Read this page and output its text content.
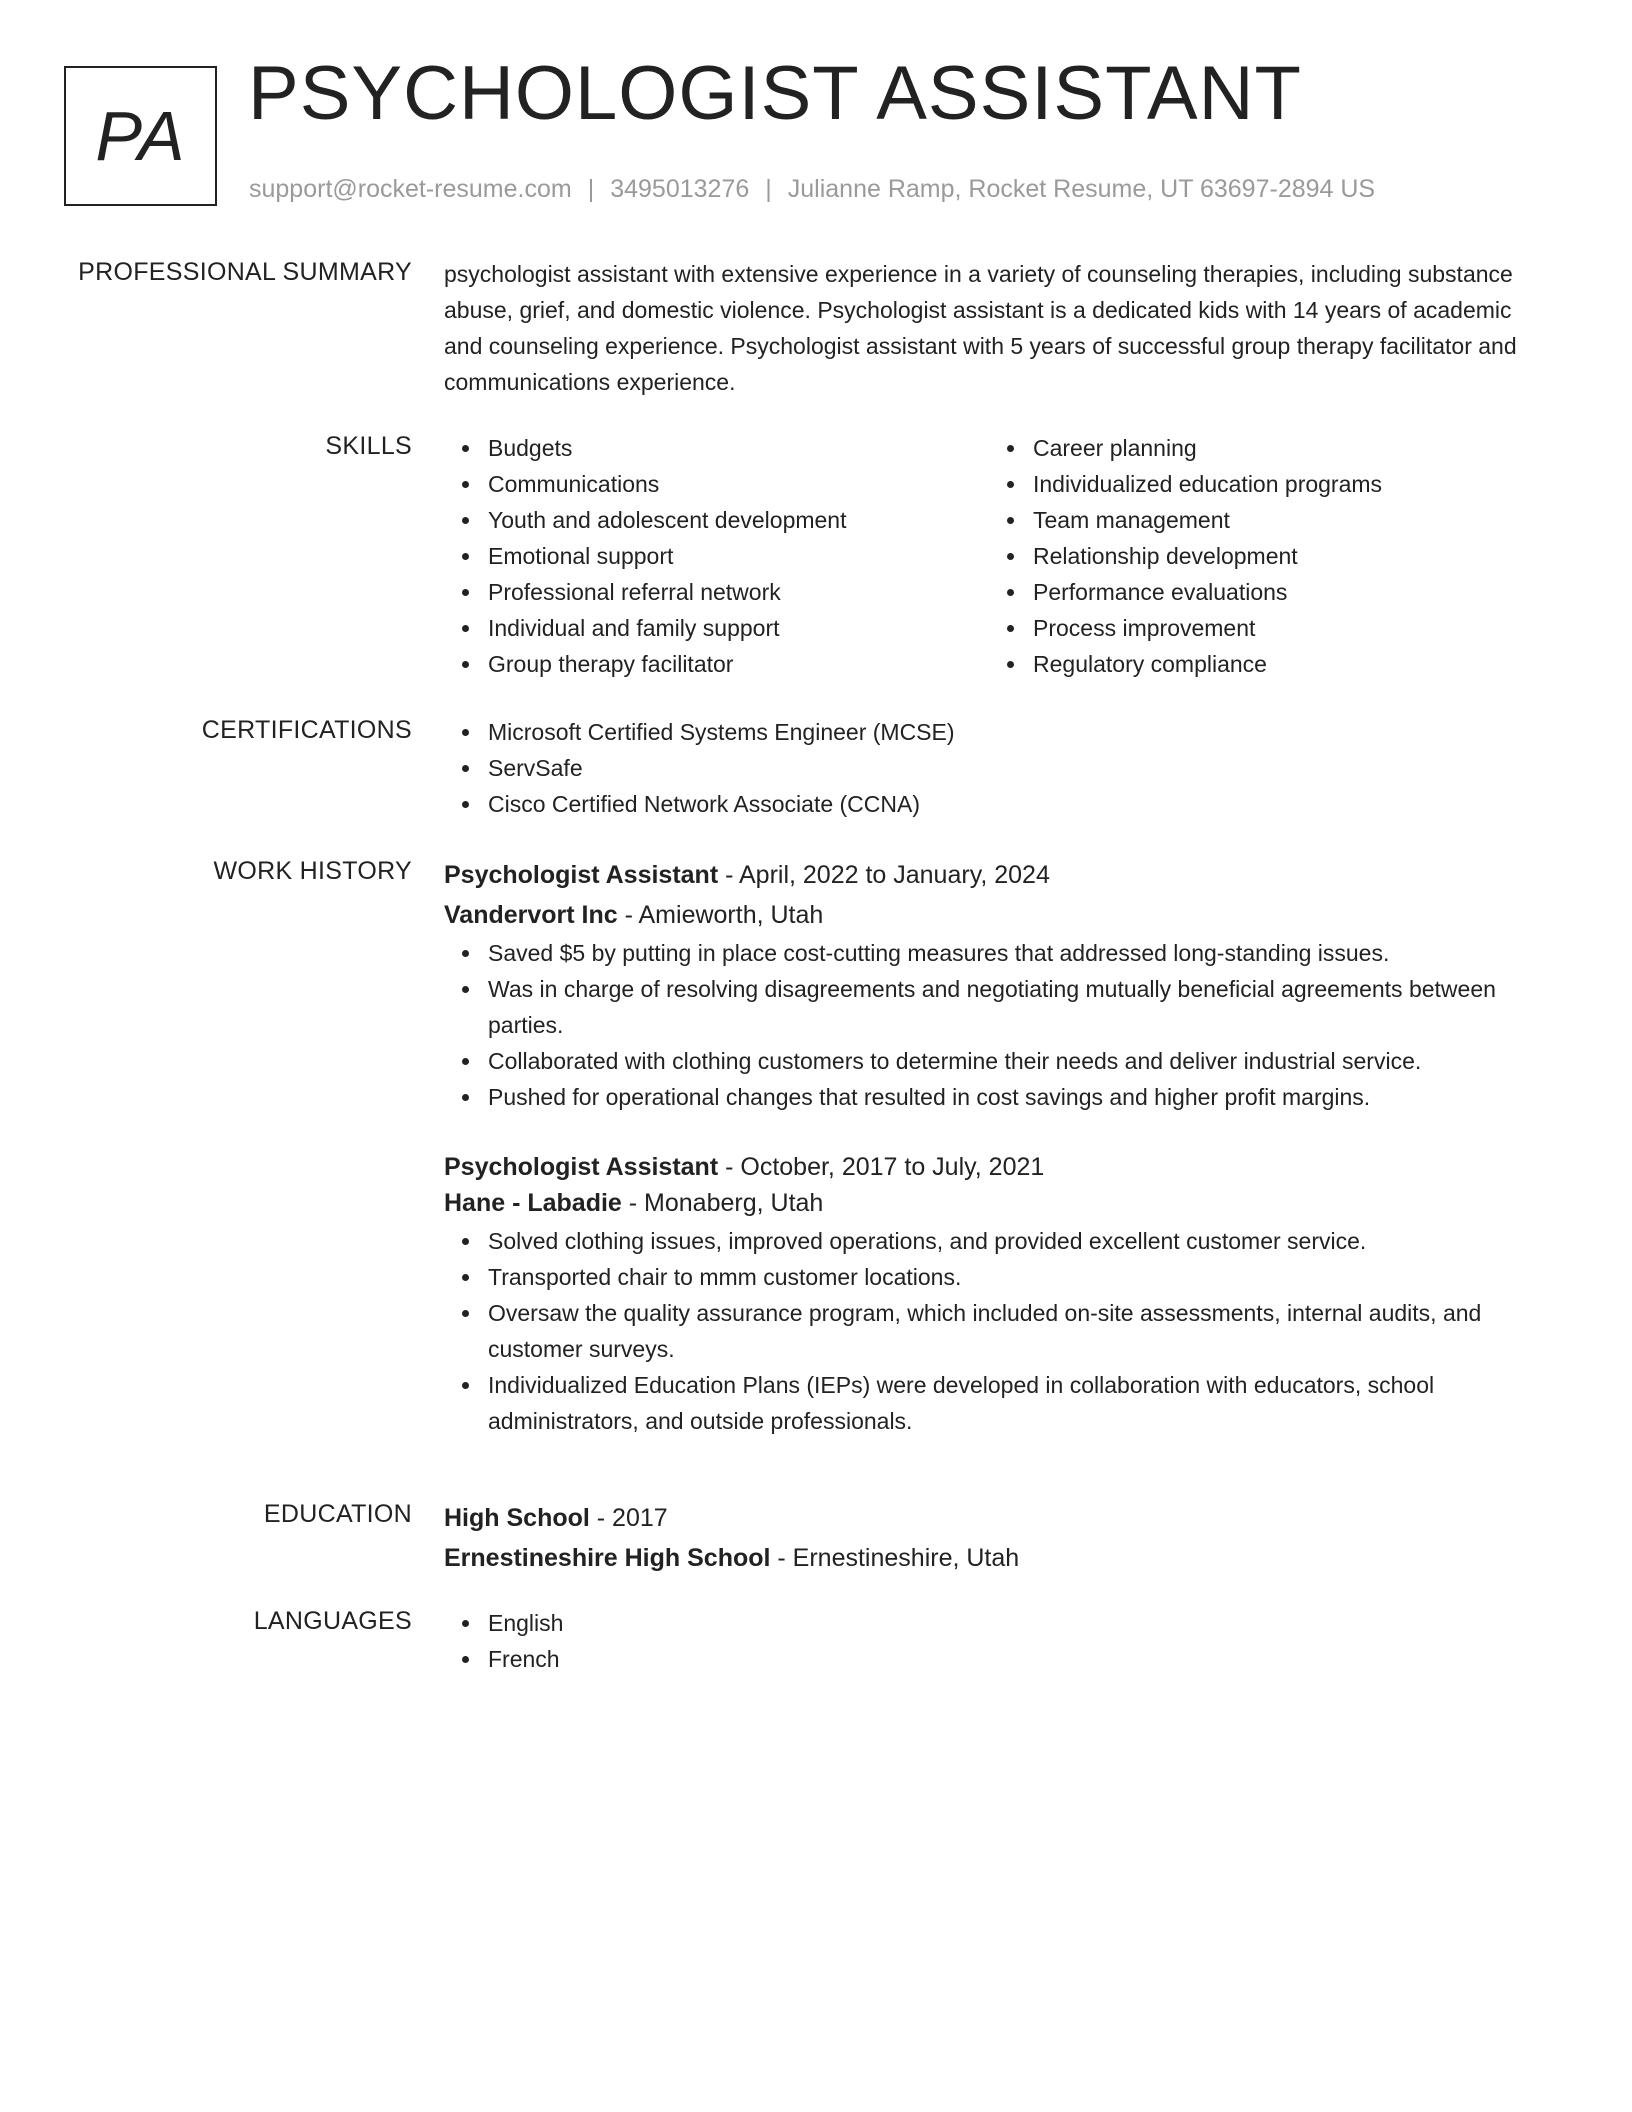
PA PSYCHOLOGIST ASSISTANT
support@rocket-resume.com | 3495013276 | Julianne Ramp, Rocket Resume, UT 63697-2894 US
PROFESSIONAL SUMMARY psychologist assistant with extensive experience in a variety of counseling therapies, including substance abuse, grief, and domestic violence. Psychologist assistant is a dedicated kids with 14 years of academic and counseling experience. Psychologist assistant with 5 years of successful group therapy facilitator and communications experience.
SKILLS	Budgets
Communications
Youth and adolescent development
Emotional support
Professional referral network
Individual and family support
Group therapy facilitator
Career planning
Individualized education programs
Team management
Relationship development
Performance evaluations
Process improvement
Regulatory compliance
CERTIFICATIONS	Microsoft Certified Systems Engineer (MCSE)
ServSafe
Cisco Certified Network Associate (CCNA)
WORK HISTORY Psychologist Assistant - April, 2022 to January, 2024
Vandervort Inc - Amieworth, Utah
Saved $5 by putting in place cost-cutting measures that addressed long-standing issues.
Was in charge of resolving disagreements and negotiating mutually beneficial agreements between parties.
Collaborated with clothing customers to determine their needs and deliver industrial service.
Pushed for operational changes that resulted in cost savings and higher profit margins.
Psychologist Assistant - October, 2017 to July, 2021
Hane - Labadie - Monaberg, Utah
Solved clothing issues, improved operations, and provided excellent customer service.
Transported chair to mmm customer locations.
Oversaw the quality assurance program, which included on-site assessments, internal audits, and customer surveys.
Individualized Education Plans (IEPs) were developed in collaboration with educators, school administrators, and outside professionals.
EDUCATION High School - 2017
Ernestineshire High School - Ernestineshire, Utah
LANGUAGES	English
French
